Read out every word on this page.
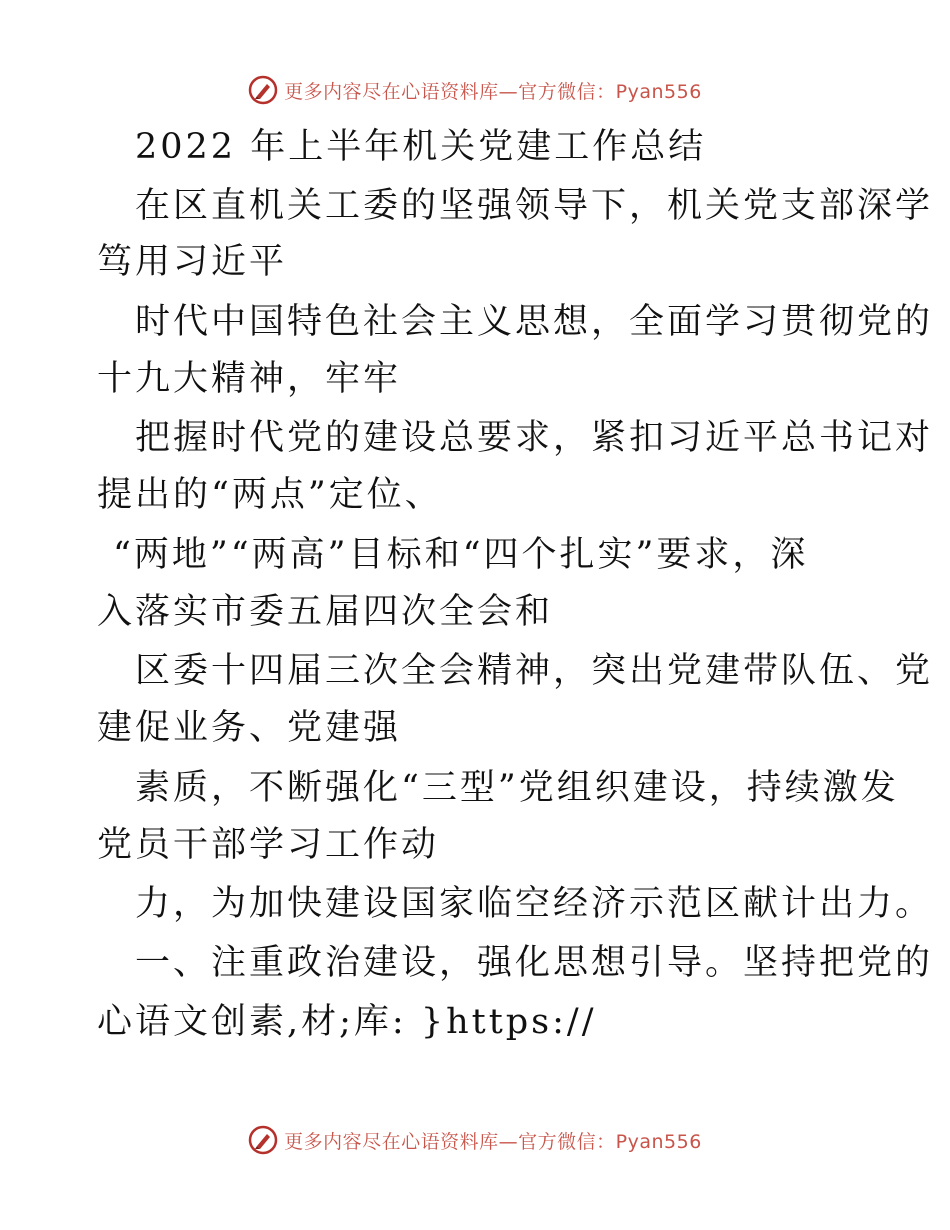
更多内容尽在心语资料库—官方微信：Pyan556
2022 年上半年机关党建工作总结
在区直机关工委的坚强领导下，机关党支部深学
笃用习近平
时代中国特色社会主义思想，全面学习贯彻党的
十九大精神，牢牢
把握时代党的建设总要求，紧扣习近平总书记对
提出的“两点”定位、
“两地”“两高”目标和“四个扎实”要求，深
入落实市委五届四次全会和
区委十四届三次全会精神，突出党建带队伍、党
建促业务、党建强
素质，不断强化“三型”党组织建设，持续激发
党员干部学习工作动
力，为加快建设国家临空经济示范区献计出力。
一、注重政治建设，强化思想引导。坚持把党的
心语文创素,材;库: }https://
更多内容尽在心语资料库—官方微信：Pyan556
